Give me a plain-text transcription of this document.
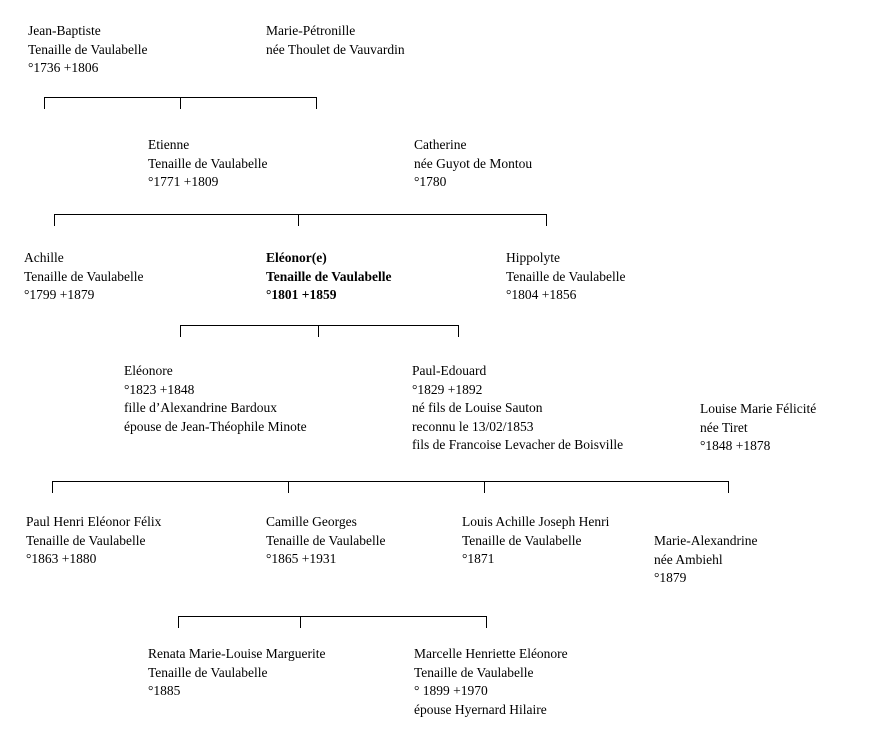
Jean-Baptiste
Tenaille de Vaulabelle
°1736 +1806
Marie-Pétronille
née Thoulet de Vauvardin
Etienne
Tenaille de Vaulabelle
°1771 +1809
Catherine
née Guyot de Montou
°1780
Achille
Tenaille de Vaulabelle
°1799 +1879
Eléonor(e)
Tenaille de Vaulabelle
°1801 +1859
Hippolyte
Tenaille de Vaulabelle
°1804 +1856
Eléonore
°1823 +1848
fille d’Alexandrine Bardoux
épouse de Jean-Théophile Minote
Paul-Edouard
°1829 +1892
né fils de Louise Sauton
reconnu le 13/02/1853
fils de Francoise Levacher de Boisville
Louise Marie Félicité
née Tiret
°1848 +1878
Paul Henri Eléonor Félix
Tenaille de Vaulabelle
°1863 +1880
Camille Georges
Tenaille de Vaulabelle
°1865 +1931
Louis Achille Joseph Henri
Tenaille de Vaulabelle
°1871
Marie-Alexandrine
née Ambiehl
°1879
Renata Marie-Louise Marguerite
Tenaille de Vaulabelle
°1885
Marcelle Henriette Eléonore
Tenaille de Vaulabelle
° 1899 +1970
épouse Hyernard Hilaire
